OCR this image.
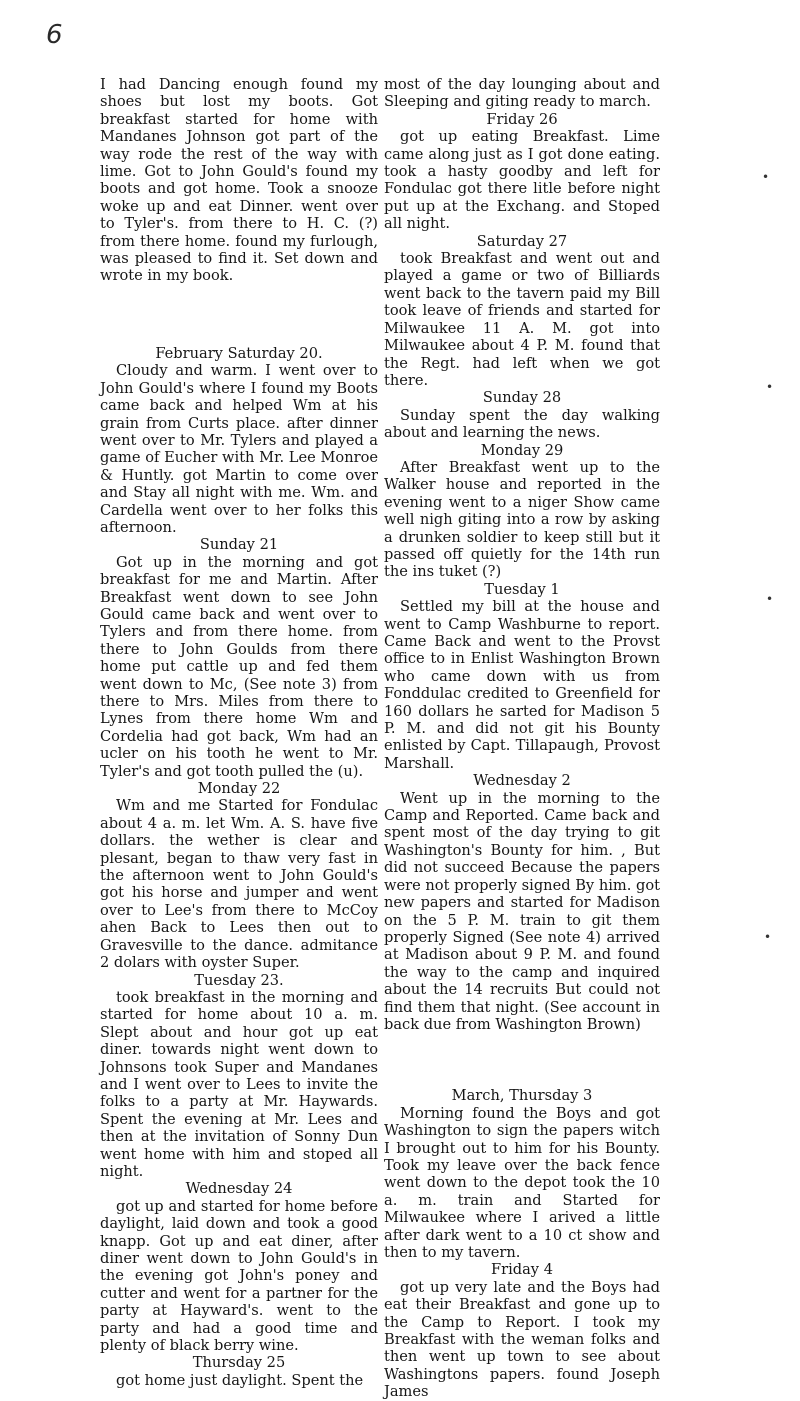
6

I had Dancing enough found my shoes but lost my boots. Got breakfast started for home with Mandanes Johnson got part of the way rode the rest of the way with lime. Got to John Gould's found my boots and got home. Took a snooze woke up and eat Dinner. went over to Tyler's. from there to H. C. (?) from there home. found my furlough, was pleased to find it. Set down and wrote in my book.

February Saturday 20.

Cloudy and warm. I went over to John Gould's where I found my Boots came back and helped Wm at his grain from Curts place. after dinner went over to Mr. Tylers and played a game of Eucher with Mr. Lee Monroe & Huntly. got Martin to come over and Stay all night with me. Wm. and Cardella went over to her folks this afternoon.

Sunday 21

Got up in the morning and got breakfast for me and Martin. After Breakfast went down to see John Gould came back and went over to Tylers and from there home. from there to John Goulds from there home put cattle up and fed them went down to Mc, (See note 3) from there to Mrs. Miles from there to Lynes from there home Wm and Cordelia had got back, Wm had an ucler on his tooth he went to Mr. Tyler's and got tooth pulled the (u).

Monday 22

Wm and me Started for Fondulac about 4 a. m. let Wm. A. S. have five dollars. the wether is clear and plesant, began to thaw very fast in the afternoon went to John Gould's got his horse and jumper and went over to Lee's from there to McCoy ahen Back to Lees then out to Gravesville to the dance. admitance 2 dolars with oyster Super.

Tuesday 23.

took breakfast in the morning and started for home about 10 a. m. Slept about and hour got up eat diner. towards night went down to Johnsons took Super and Mandanes and I went over to Lees to invite the folks to a party at Mr. Haywards. Spent the evening at Mr. Lees and then at the invitation of Sonny Dun went home with him and stoped all night.

Wednesday 24

got up and started for home before daylight, laid down and took a good knapp. Got up and eat diner, after diner went down to John Gould's in the evening got John's poney and cutter and went for a partner for the party at Hayward's. went to the party and had a good time and plenty of black berry wine.

Thursday 25

got home just daylight. Spent the

most of the day lounging about and Sleeping and giting ready to march.

Friday 26

got up eating Breakfast. Lime came along just as I got done eating. took a hasty goodby and left for Fondulac got there litle before night put up at the Exchang. and Stoped all night.

Saturday 27

took Breakfast and went out and played a game or two of Billiards went back to the tavern paid my Bill took leave of friends and started for Milwaukee 11 A. M. got into Milwaukee about 4 P. M. found that the Regt. had left when we got there.

Sunday 28

Sunday spent the day walking about and learning the news.

Monday 29

After Breakfast went up to the Walker house and reported in the evening went to a niger Show came well nigh giting into a row by asking a drunken soldier to keep still but it passed off quietly for the 14th run the ins tuket (?)

Tuesday 1

Settled my bill at the house and went to Camp Washburne to report. Came Back and went to the Provst office to in Enlist Washington Brown who came down with us from Fonddulac credited to Greenfield for 160 dollars he sarted for Madison 5 P. M. and did not git his Bounty enlisted by Capt. Tillapaugh, Provost Marshall.

Wednesday 2

Went up in the morning to the Camp and Reported. Came back and spent most of the day trying to git Washington's Bounty for him. , But did not succeed Because the papers were not properly signed By him. got new papers and started for Madison on the 5 P. M. train to git them properly Signed (See note 4) arrived at Madison about 9 P. M. and found the way to the camp and inquired about the 14 recruits But could not find them that night. (See account in back due from Washington Brown)

March, Thursday 3

Morning found the Boys and got Washington to sign the papers witch I brought out to him for his Bounty. Took my leave over the back fence went down to the depot took the 10 a. m. train and Started for Milwaukee where I arived a little after dark went to a 10 ct show and then to my tavern.

Friday 4

got up very late and the Boys had eat their Breakfast and gone up to the Camp to Report. I took my Breakfast with the weman folks and then went up town to see about Washingtons papers. found Joseph James

•
•
•
•
